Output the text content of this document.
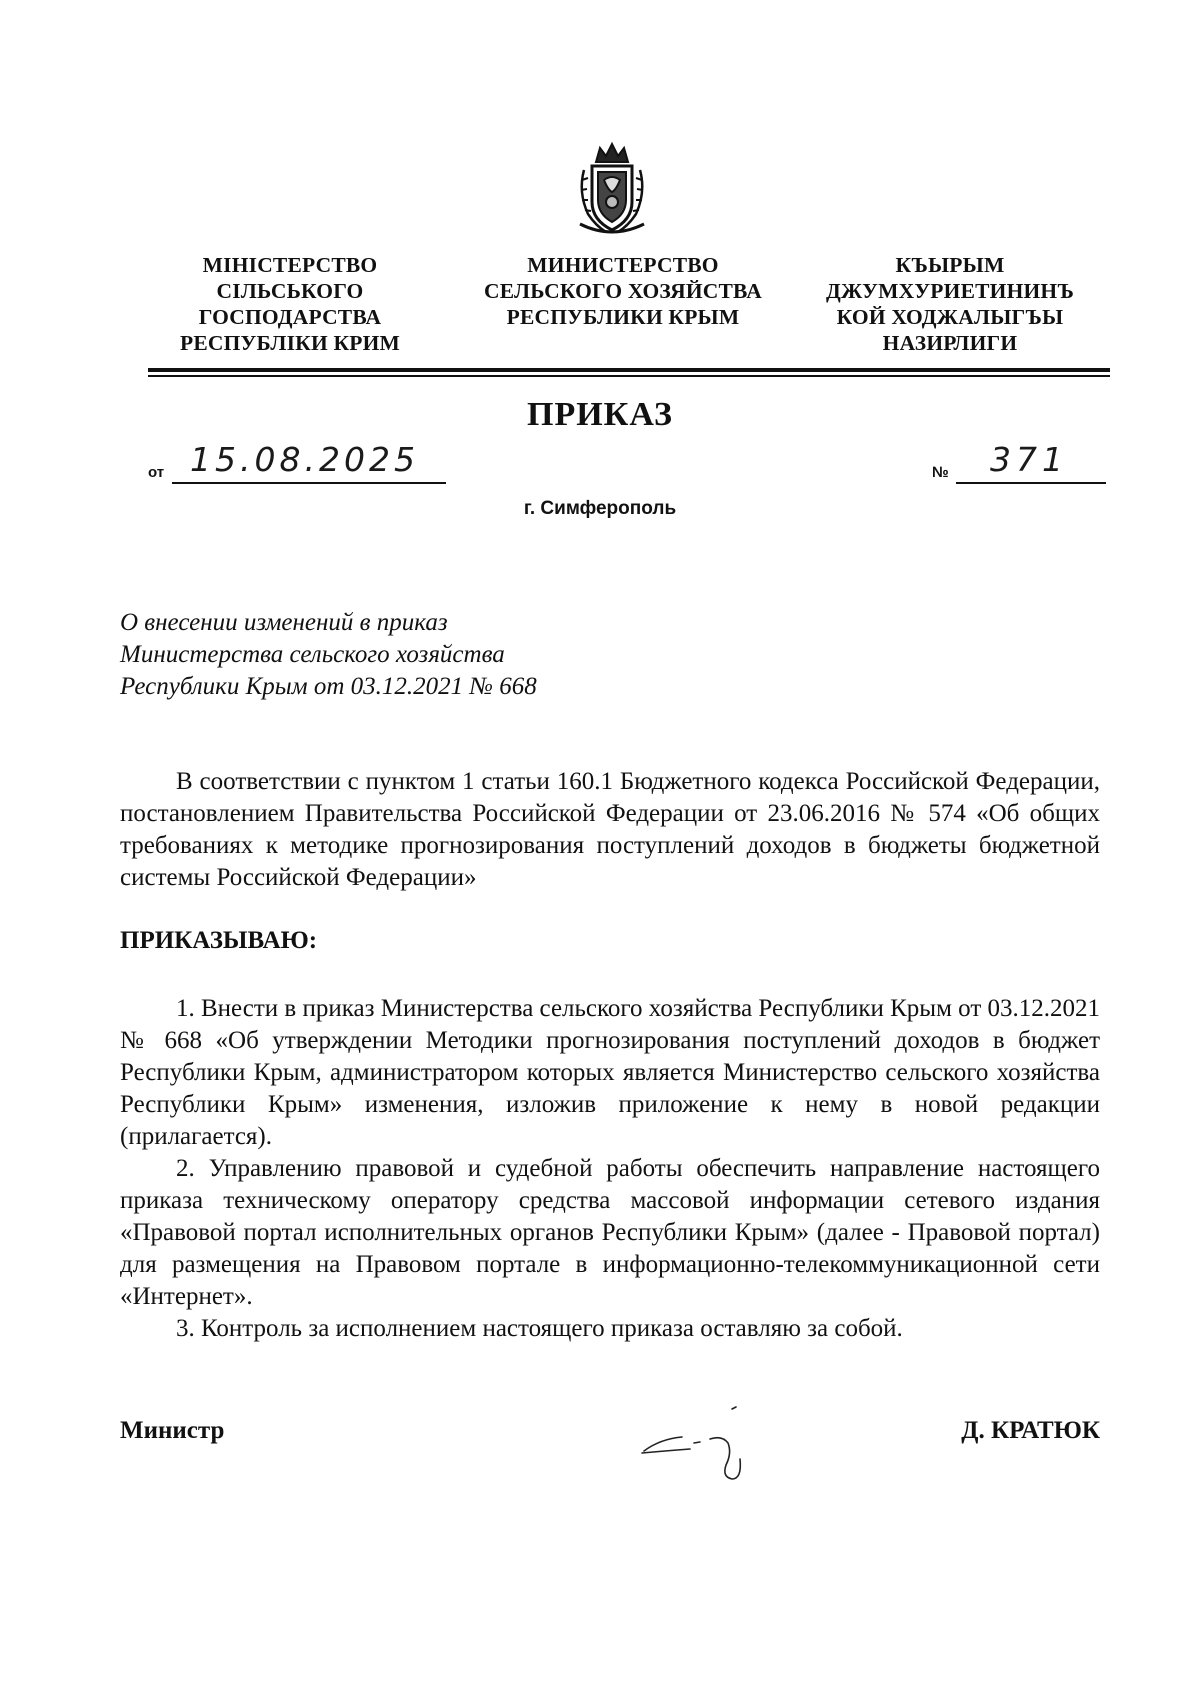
МІНІСТЕРСТВО
СІЛЬСЬКОГО
ГОСПОДАРСТВА
РЕСПУБЛІКИ КРИМ
МИНИСТЕРСТВО
СЕЛЬСКОГО ХОЗЯЙСТВА
РЕСПУБЛИКИ КРЫМ
КЪЫРЫМ
ДЖУМХУРИЕТИНИНЪ
КОЙ ХОДЖАЛЫГЪЫ
НАЗИРЛИГИ
ПРИКАЗ
от 15.08.2025	№ 371
г. Симферополь
О внесении изменений в приказ
Министерства сельского хозяйства
Республики Крым от 03.12.2021 № 668

В соответствии с пунктом 1 статьи 160.1 Бюджетного кодекса Российской Федерации, постановлением Правительства Российской Федерации от 23.06.2016 № 574 «Об общих требованиях к методике прогнозирования поступлений доходов в бюджеты бюджетной системы Российской Федерации»

ПРИКАЗЫВАЮ:

1. Внести в приказ Министерства сельского хозяйства Республики Крым от 03.12.2021 № 668 «Об утверждении Методики прогнозирования поступлений доходов в бюджет Республики Крым, администратором которых является Министерство сельского хозяйства Республики Крым» изменения, изложив приложение к нему в новой редакции (прилагается).

2. Управлению правовой и судебной работы обеспечить направление настоящего приказа техническому оператору средства массовой информации сетевого издания «Правовой портал исполнительных органов Республики Крым» (далее - Правовой портал) для размещения на Правовом портале в информационно-телекоммуникационной сети «Интернет».

3. Контроль за исполнением настоящего приказа оставляю за собой.

Министр	Д. КРАТЮК
